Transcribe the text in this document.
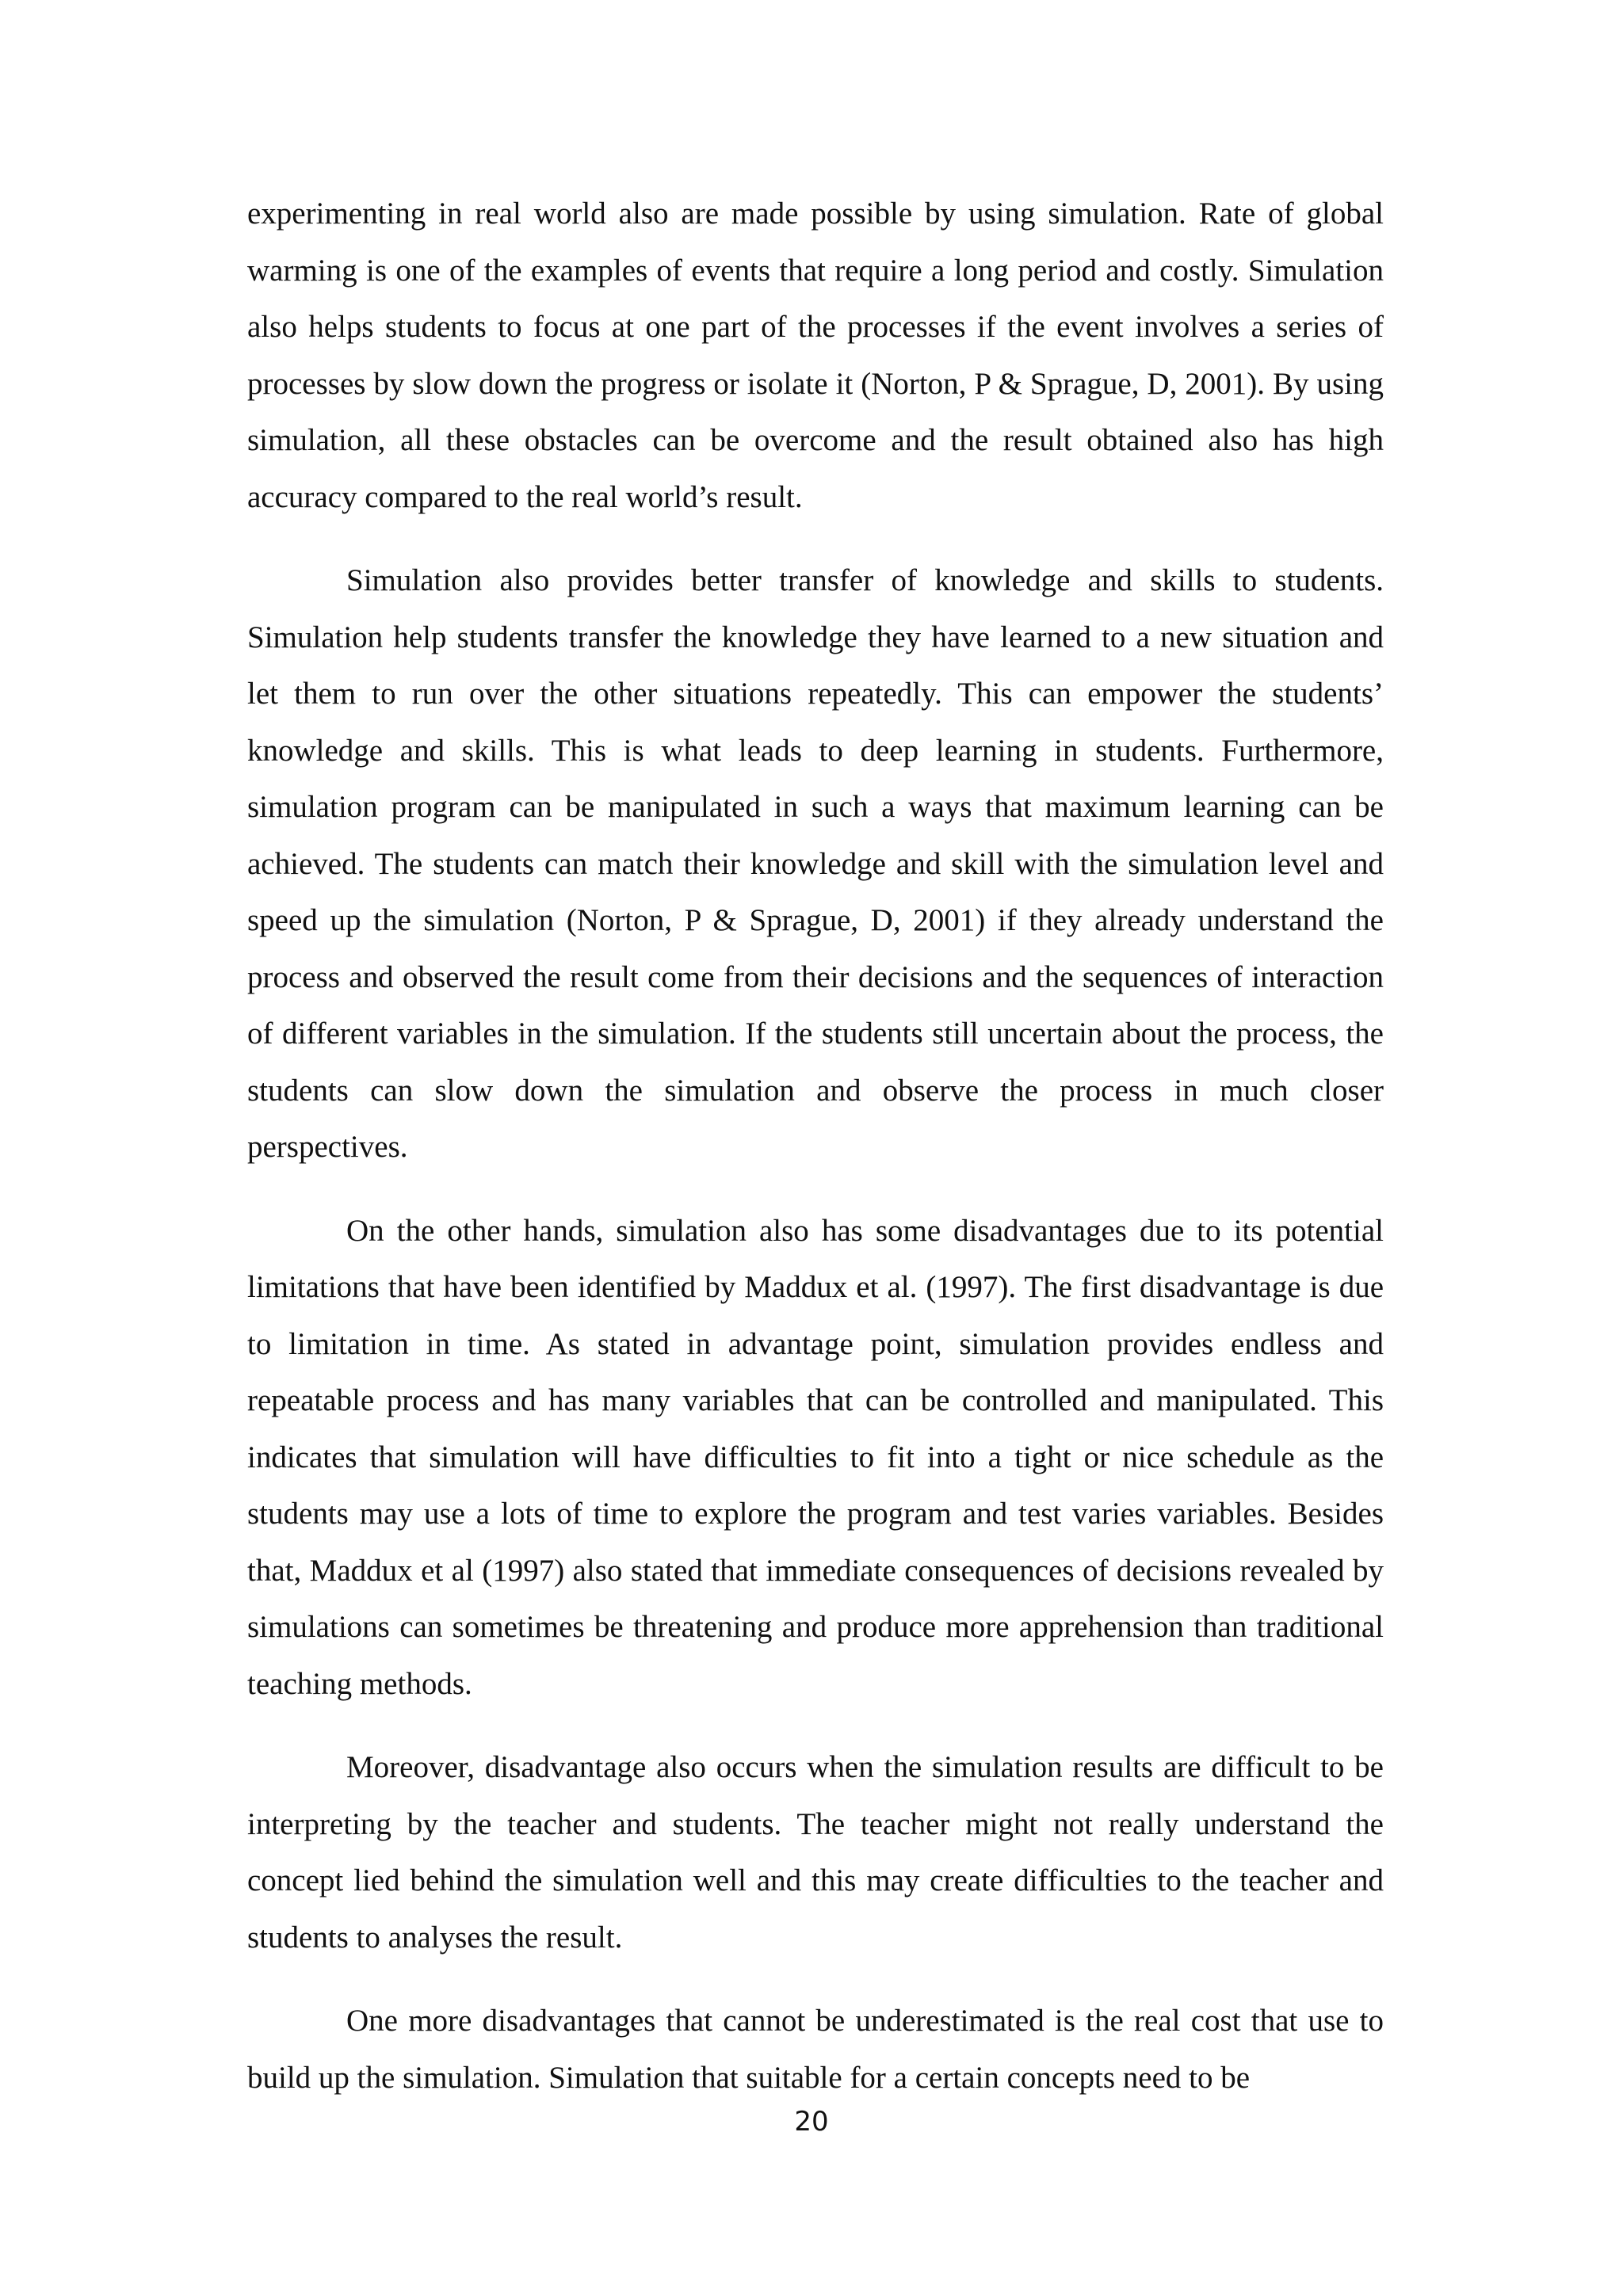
experimenting in real world also are made possible by using simulation. Rate of global warming is one of the examples of events that require a long period and costly. Simulation also helps students to focus at one part of the processes if the event involves a series of processes by slow down the progress or isolate it (Norton, P & Sprague, D, 2001). By using simulation, all these obstacles can be overcome and the result obtained also has high accuracy compared to the real world’s result.

Simulation also provides better transfer of knowledge and skills to students. Simulation help students transfer the knowledge they have learned to a new situation and let them to run over the other situations repeatedly. This can empower the students’ knowledge and skills. This is what leads to deep learning in students. Furthermore, simulation program can be manipulated in such a ways that maximum learning can be achieved. The students can match their knowledge and skill with the simulation level and speed up the simulation (Norton, P & Sprague, D, 2001) if they already understand the process and observed the result come from their decisions and the sequences of interaction of different variables in the simulation. If the students still uncertain about the process, the students can slow down the simulation and observe the process in much closer perspectives.

On the other hands, simulation also has some disadvantages due to its potential limitations that have been identified by Maddux et al. (1997). The first disadvantage is due to limitation in time. As stated in advantage point, simulation provides endless and repeatable process and has many variables that can be controlled and manipulated. This indicates that simulation will have difficulties to fit into a tight or nice schedule as the students may use a lots of time to explore the program and test varies variables. Besides that, Maddux et al (1997) also stated that immediate consequences of decisions revealed by simulations can sometimes be threatening and produce more apprehension than traditional teaching methods.

Moreover, disadvantage also occurs when the simulation results are difficult to be interpreting by the teacher and students. The teacher might not really understand the concept lied behind the simulation well and this may create difficulties to the teacher and students to analyses the result.

One more disadvantages that cannot be underestimated is the real cost that use to build up the simulation. Simulation that suitable for a certain concepts need to be

20
